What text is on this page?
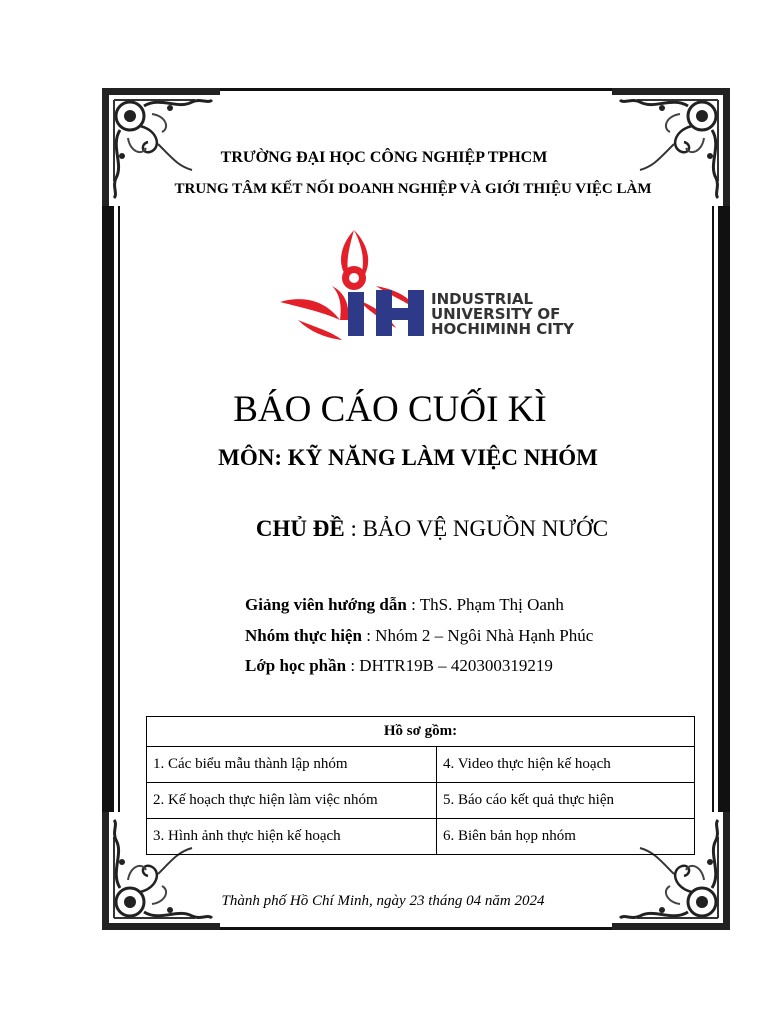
TRƯỜNG ĐẠI HỌC CÔNG NGHIỆP TPHCM
TRUNG TÂM KẾT NỐI DOANH NGHIỆP VÀ GIỚI THIỆU VIỆC LÀM
INDUSTRIAL
UNIVERSITY OF
HOCHIMINH CITY
BÁO CÁO CUỐI KÌ
MÔN: KỸ NĂNG LÀM VIỆC NHÓM
CHỦ ĐỀ : BẢO VỆ NGUỒN NƯỚC
Giảng viên hướng dẫn : ThS. Phạm Thị Oanh
Nhóm thực hiện : Nhóm 2 – Ngôi Nhà Hạnh Phúc
Lớp học phần : DHTR19B – 420300319219
Hồ sơ gồm:	
1. Các biểu mẫu thành lập nhóm	4. Video thực hiện kế hoạch
2. Kế hoạch thực hiện làm việc nhóm	5. Báo cáo kết quả thực hiện
3. Hình ảnh thực hiện kế hoạch	6. Biên bản họp nhóm
Thành phố Hồ Chí Minh, ngày 23 tháng 04 năm 2024
